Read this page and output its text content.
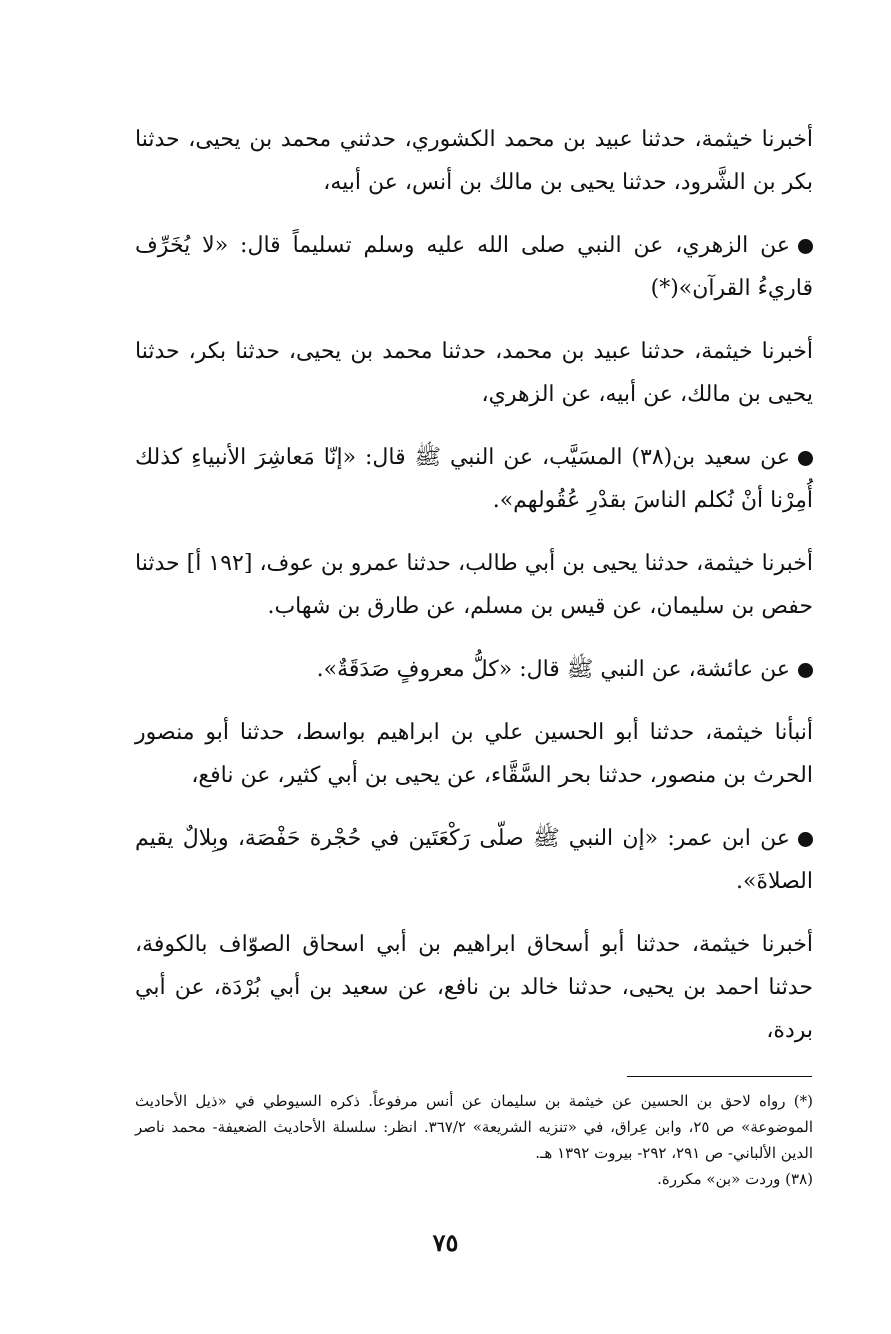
أخبرنا خيثمة، حدثنا عبيد بن محمد الكشوري، حدثني محمد بن يحيى، حدثنا بكر بن الشَّرود، حدثنا يحيى بن مالك بن أنس، عن أبيه،

عن الزهري، عن النبي صلى الله عليه وسلم تسليماً قال: «لا يُخَرِّف قاريءُ القرآن»(*)

أخبرنا خيثمة، حدثنا عبيد بن محمد، حدثنا محمد بن يحيى، حدثنا بكر، حدثنا يحيى بن مالك، عن أبيه، عن الزهري،

عن سعيد بن(٣٨) المسَيَّب، عن النبي ﷺ قال: «إنّا مَعاشِرَ الأنبياءِ كذلك أُمِرْنا أنْ نُكلم الناسَ بقدْرِ عُقُولهم».

أخبرنا خيثمة، حدثنا يحيى بن أبي طالب، حدثنا عمرو بن عوف، [١٩٢ أ] حدثنا حفص بن سليمان، عن قيس بن مسلم، عن طارق بن شهاب.

عن عائشة، عن النبي ﷺ قال: «كلُّ معروفٍ صَدَقَةٌ».

أنبأنا خيثمة، حدثنا أبو الحسين علي بن ابراهيم بواسط، حدثنا أبو منصور الحرث بن منصور، حدثنا بحر السَّقَّاء، عن يحيى بن أبي كثير، عن نافع،

عن ابن عمر: «إن النبي ﷺ صلّى رَكْعَتَين في حُجْرة حَفْصَة، وبِلالٌ يقيم الصلاةَ».

أخبرنا خيثمة، حدثنا أبو أسحاق ابراهيم بن أبي اسحاق الصوّاف بالكوفة، حدثنا احمد بن يحيى، حدثنا خالد بن نافع، عن سعيد بن أبي بُرْدَة، عن أبي بردة،

(*) رواه لاحق بن الحسين عن خيثمة بن سليمان عن أنس مرفوعاً. ذكره السيوطي في «ذيل الأحاديث الموضوعة» ص ٢٥، وابن عِراق، في «تنزيه الشريعة» ٣٦٧/٢. انظر: سلسلة الأحاديث الضعيفة- محمد ناصر الدين الألباني- ص ٢٩١، ٢٩٢- بيروت ١٣٩٢ هـ.

(٣٨) وردت «بن» مكررة.

٧٥
